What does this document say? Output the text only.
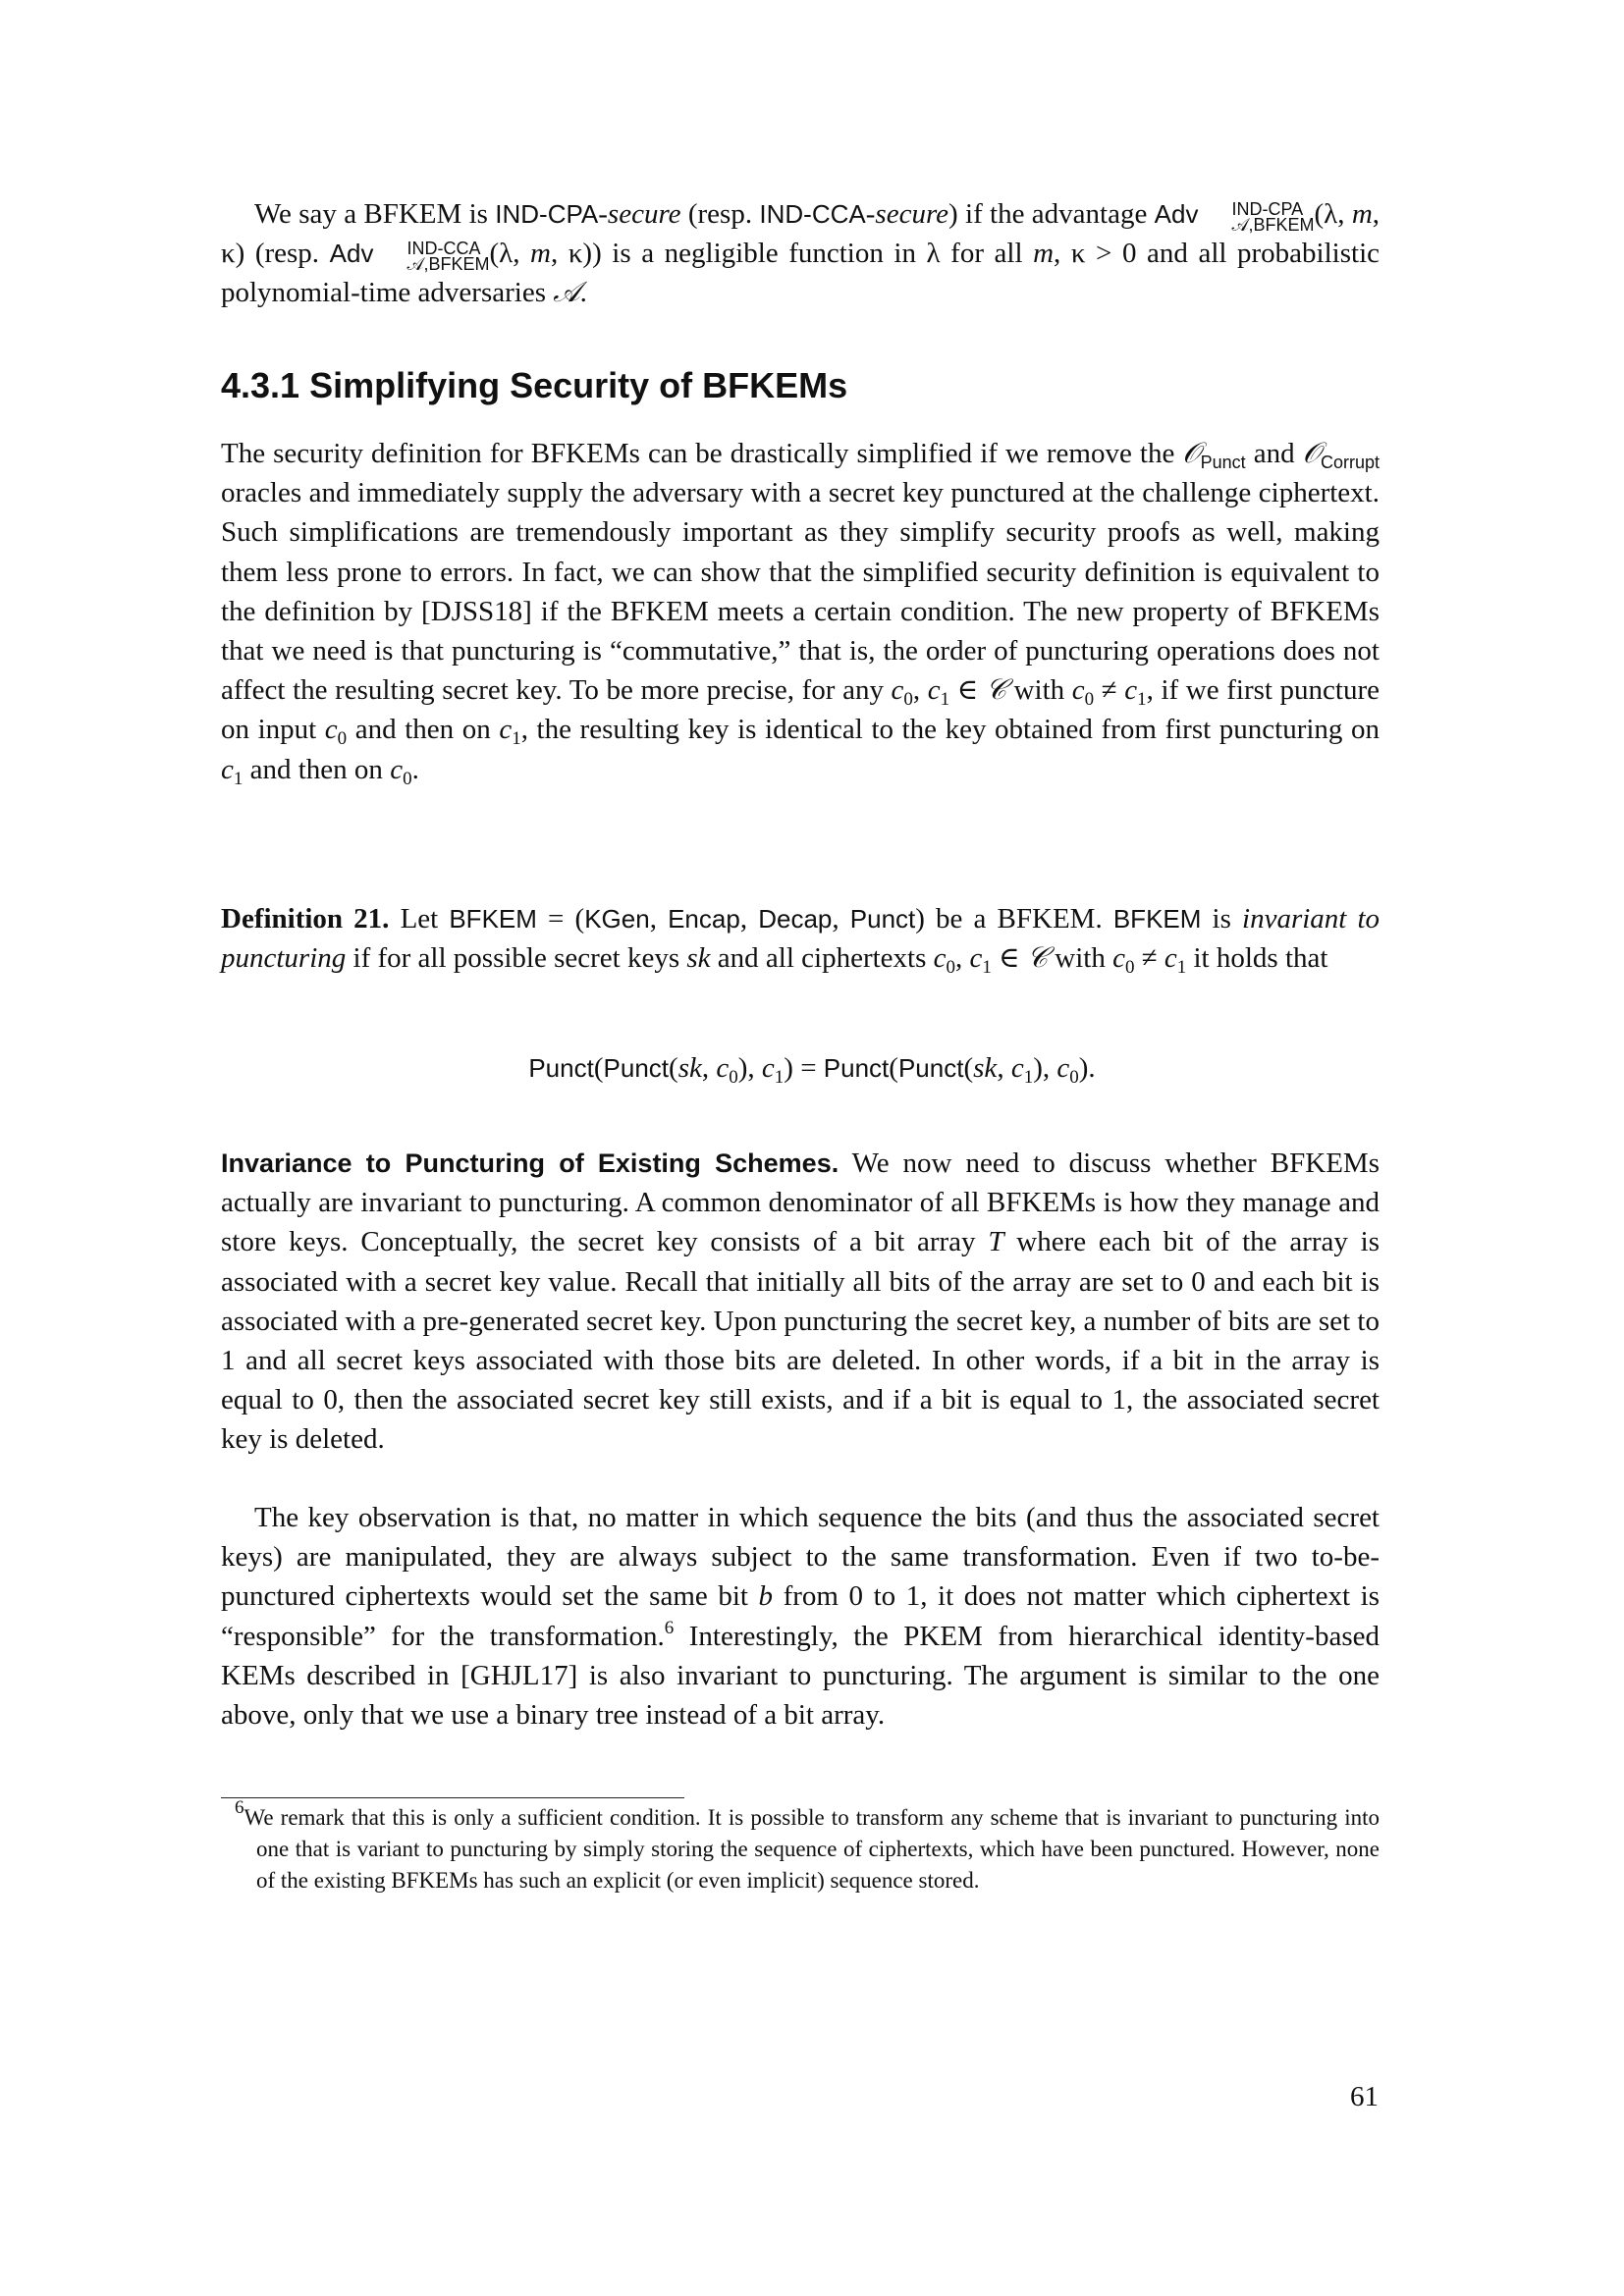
We say a BFKEM is IND-CPA-secure (resp. IND-CCA-secure) if the advantage Adv	IND-CPA
𝒜,BFKEM (λ, m, κ) (resp. Adv	IND-CCA
𝒜,BFKEM (λ, m, κ)) is a negligible function in λ for all m, κ > 0 and all probabilistic polynomial-time adversaries 𝒜.
4.3.1 Simplifying Security of BFKEMs
The security definition for BFKEMs can be drastically simplified if we remove the 𝒪$_{Punct}$ and 𝒪$_{Corrupt}$ oracles and immediately supply the adversary with a secret key punctured at the challenge ciphertext. Such simplifications are tremendously important as they simplify security proofs as well, making them less prone to errors. In fact, we can show that the simplified security definition is equivalent to the definition by [DJSS18] if the BFKEM meets a certain condition. The new property of BFKEMs that we need is that puncturing is “commutative,” that is, the order of puncturing operations does not affect the resulting secret key. To be more precise, for any $c_0$, $c_1$ ∈ 𝒞 with $c_0 \ne c_1$, if we first puncture on input $c_0$ and then on $c_1$, the resulting key is identical to the key obtained from first puncturing on $c_1$ and then on $c_0$.
Definition 21. Let BFKEM = (KGen, Encap, Decap, Punct) be a BFKEM. BFKEM is invariant to puncturing if for all possible secret keys sk and all ciphertexts $c_0$, $c_1$ ∈ 𝒞 with $c_0 \ne c_1$ it holds that
Punct(Punct(sk, $c_0$), $c_1$) = Punct(Punct(sk, $c_1$), $c_0$).
Invariance to Puncturing of Existing Schemes. We now need to discuss whether BFKEMs actually are invariant to puncturing. A common denominator of all BFKEMs is how they manage and store keys. Conceptually, the secret key consists of a bit array T where each bit of the array is associated with a secret key value. Recall that initially all bits of the array are set to 0 and each bit is associated with a pre-generated secret key. Upon puncturing the secret key, a number of bits are set to 1 and all secret keys associated with those bits are deleted. In other words, if a bit in the array is equal to 0, then the associated secret key still exists, and if a bit is equal to 1, the associated secret key is deleted.
The key observation is that, no matter in which sequence the bits (and thus the associated secret keys) are manipulated, they are always subject to the same transformation. Even if two to-be-punctured ciphertexts would set the same bit b from 0 to 1, it does not matter which ciphertext is “responsible” for the transformation.$^6$ Interestingly, the PKEM from hierarchical identity-based KEMs described in [GHJL17] is also invariant to puncturing. The argument is similar to the one above, only that we use a binary tree instead of a bit array.
$^6$We remark that this is only a sufficient condition. It is possible to transform any scheme that is invariant to puncturing into one that is variant to puncturing by simply storing the sequence of ciphertexts, which have been punctured. However, none of the existing BFKEMs has such an explicit (or even implicit) sequence stored.
61
